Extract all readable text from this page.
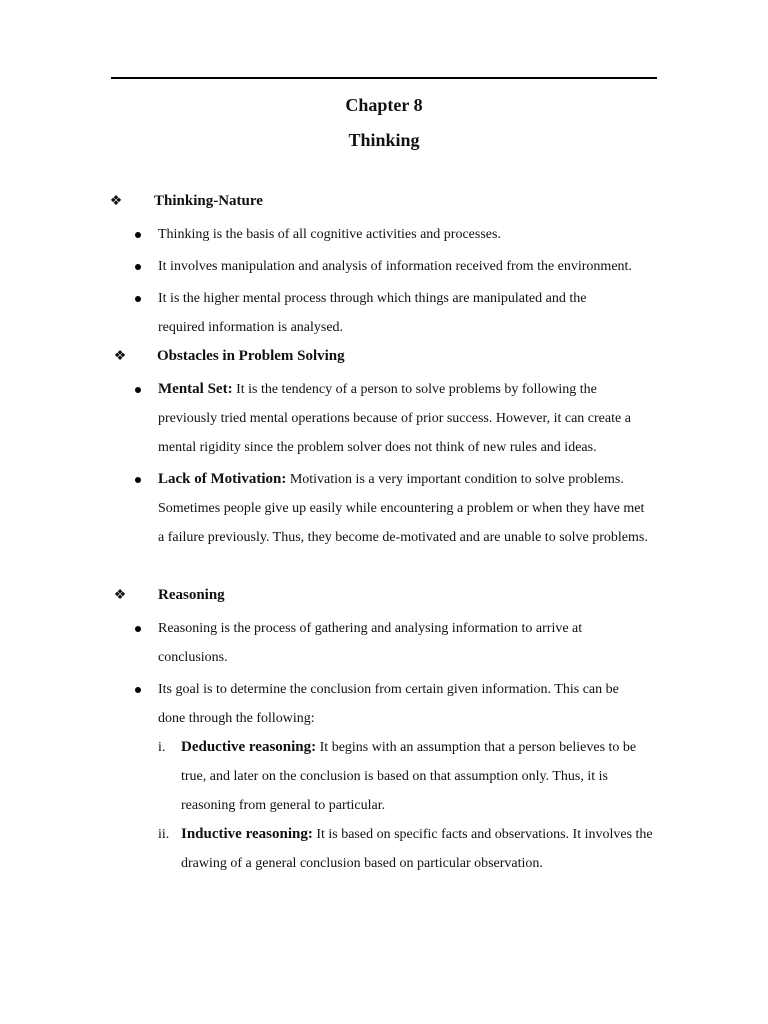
Chapter 8
Thinking
❖ Thinking-Nature
Thinking is the basis of all cognitive activities and processes.
It involves manipulation and analysis of information received from the environment.
It is the higher mental process through which things are manipulated and the required information is analysed.
❖ Obstacles in Problem Solving
Mental Set: It is the tendency of a person to solve problems by following the previously tried mental operations because of prior success. However, it can create a mental rigidity since the problem solver does not think of new rules and ideas.
Lack of Motivation: Motivation is a very important condition to solve problems. Sometimes people give up easily while encountering a problem or when they have met a failure previously. Thus, they become de-motivated and are unable to solve problems.
❖ Reasoning
Reasoning is the process of gathering and analysing information to arrive at conclusions.
Its goal is to determine the conclusion from certain given information. This can be done through the following:
i. Deductive reasoning: It begins with an assumption that a person believes to be true, and later on the conclusion is based on that assumption only. Thus, it is reasoning from general to particular.
ii. Inductive reasoning: It is based on specific facts and observations. It involves the drawing of a general conclusion based on particular observation.
